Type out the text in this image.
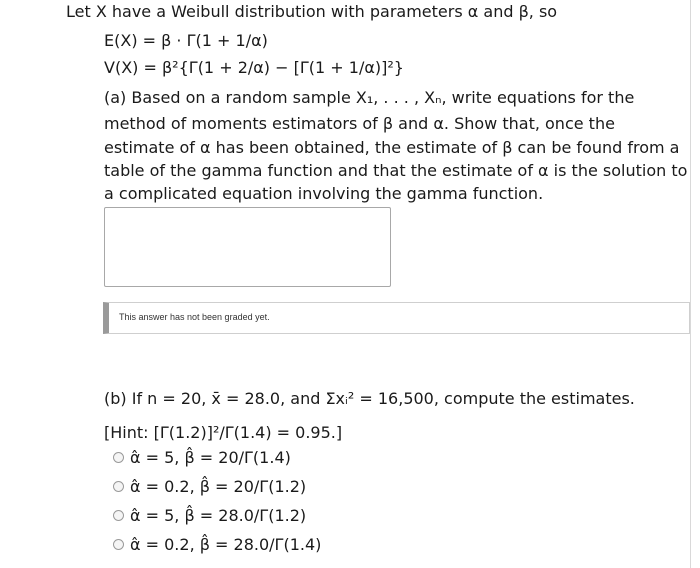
Let X have a Weibull distribution with parameters α and β, so
E(X) = β · Γ(1 + 1/α)
V(X) = β²{Γ(1 + 2/α) − [Γ(1 + 1/α)]²}
(a) Based on a random sample X₁, . . . , Xₙ, write equations for the
method of moments estimators of β and α. Show that, once the
estimate of α has been obtained, the estimate of β can be found from a
table of the gamma function and that the estimate of α is the solution to
a complicated equation involving the gamma function.
This answer has not been graded yet.
(b) If n = 20, x̄ = 28.0, and Σxᵢ² = 16,500, compute the estimates.
[Hint: [Γ(1.2)]²/Γ(1.4) = 0.95.]
α̂ = 5, β̂ = 20/Γ(1.4)
α̂ = 0.2, β̂ = 20/Γ(1.2)
α̂ = 5, β̂ = 28.0/Γ(1.2)
α̂ = 0.2, β̂ = 28.0/Γ(1.4)
